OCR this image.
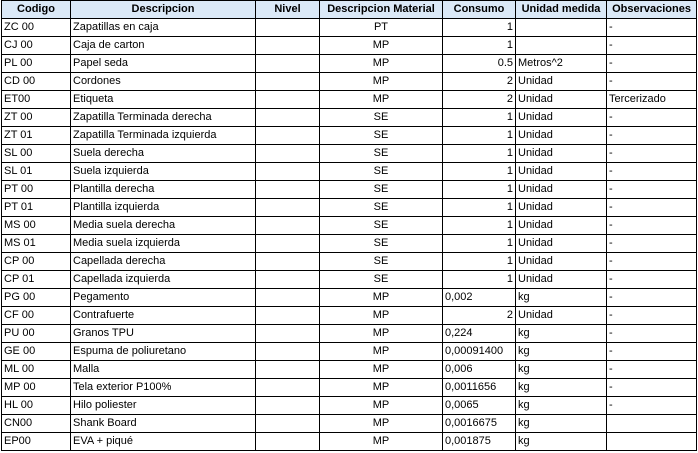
Codigo	Descripcion	Nivel	Descripcion Material	Consumo	Unidad medida	Observaciones
ZC 00	Zapatillas en caja		PT	1		-
CJ 00	Caja de carton		MP	1		-
PL 00	Papel seda		MP	0.5	Metros^2	-
CD 00	Cordones		MP	2	Unidad	-
ET00	Etiqueta		MP	2	Unidad	Tercerizado
ZT 00	Zapatilla Terminada derecha		SE	1	Unidad	-
ZT 01	Zapatilla Terminada izquierda		SE	1	Unidad	-
SL 00	Suela derecha		SE	1	Unidad	-
SL 01	Suela izquierda		SE	1	Unidad	-
PT 00	Plantilla derecha		SE	1	Unidad	-
PT 01	Plantilla izquierda		SE	1	Unidad	-
MS 00	Media suela derecha		SE	1	Unidad	-
MS 01	Media suela izquierda		SE	1	Unidad	-
CP 00	Capellada derecha		SE	1	Unidad	-
CP 01	Capellada izquierda		SE	1	Unidad	-
PG 00	Pegamento		MP	0,002	kg	-
CF 00	Contrafuerte		MP	2	Unidad	-
PU 00	Granos TPU		MP	0,224	kg	-
GE 00	Espuma de poliuretano		MP	0,00091400	kg	-
ML 00	Malla		MP	0,006	kg	-
MP 00	Tela exterior P100%		MP	0,0011656	kg	-
HL 00	Hilo poliester		MP	0,0065	kg	-
CN00	Shank Board		MP	0,0016675	kg	
EP00	EVA + piqué		MP	0,001875	kg	
